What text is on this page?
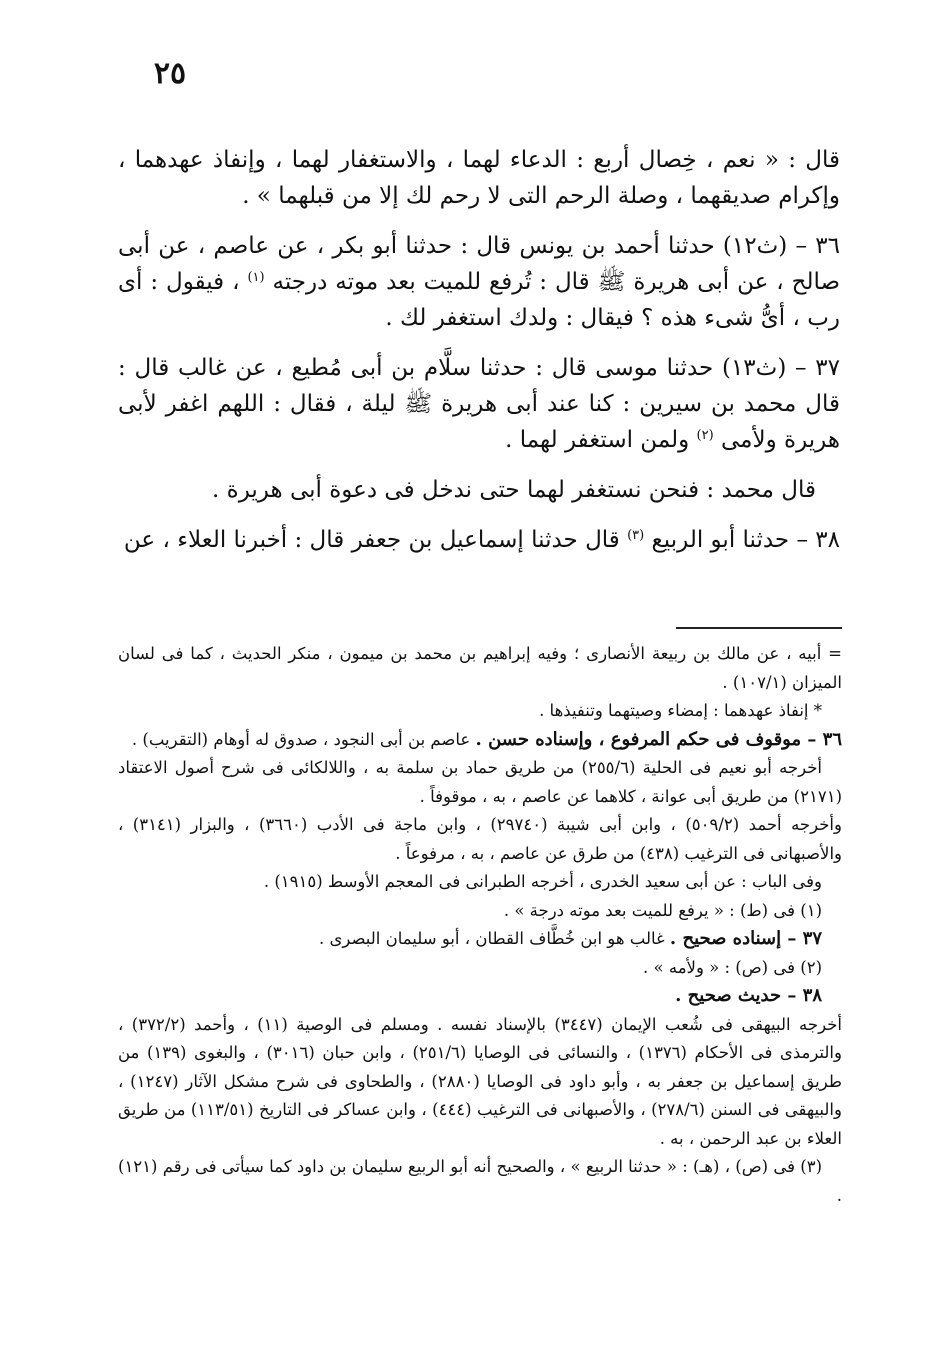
٢٥

قال : « نعم ، خِصال أربع : الدعاء لهما ، والاستغفار لهما ، وإنفاذ عهدهما ، وإكرام صديقهما ، وصلة الرحم التى لا رحم لك إلا من قبلهما » .

٣٦ – (ث١٢) حدثنا أحمد بن يونس قال : حدثنا أبو بكر ، عن عاصم ، عن أبى صالح ، عن أبى هريرة ﷺ قال : تُرفع للميت بعد موته درجته $^{(١)}$ ، فيقول : أى رب ، أىُّ شىء هذه ؟ فيقال : ولدك استغفر لك .

٣٧ – (ث١٣) حدثنا موسى قال : حدثنا سلَّام بن أبى مُطيع ، عن غالب قال : قال محمد بن سيرين : كنا عند أبى هريرة ﷺ ليلة ، فقال : اللهم اغفر لأبى هريرة ولأمى $^{(٢)}$ ولمن استغفر لهما .

قال محمد : فنحن نستغفر لهما حتى ندخل فى دعوة أبى هريرة .

٣٨ – حدثنا أبو الربيع $^{(٣)}$ قال حدثنا إسماعيل بن جعفر قال : أخبرنا العلاء ، عن

= أبيه ، عن مالك بن ربيعة الأنصارى ؛ وفيه إبراهيم بن محمد بن ميمون ، منكر الحديث ، كما فى لسان الميزان (١٠٧/١) .

* إنفاذ عهدهما : إمضاء وصيتهما وتنفيذها .

٣٦ – موقوف فى حكم المرفوع ، وإسناده حسن . عاصم بن أبى النجود ، صدوق له أوهام (التقريب) .

أخرجه أبو نعيم فى الحلية (٢٥٥/٦) من طريق حماد بن سلمة به ، واللالكائى فى شرح أصول الاعتقاد (٢١٧١) من طريق أبى عوانة ، كلاهما عن عاصم ، به ، موقوفاً .

وأخرجه أحمد (٥٠٩/٢) ، وابن أبى شيبة (٢٩٧٤٠) ، وابن ماجة فى الأدب (٣٦٦٠) ، والبزار (٣١٤١) ، والأصبهانى فى الترغيب (٤٣٨) من طرق عن عاصم ، به ، مرفوعاً .

وفى الباب : عن أبى سعيد الخدرى ، أخرجه الطبرانى فى المعجم الأوسط (١٩١٥) .

(١) فى (ط) : « يرفع للميت بعد موته درجة » .

٣٧ – إسناده صحيح . غالب هو ابن خُطَّاف القطان ، أبو سليمان البصرى .

(٢) فى (ص) : « ولأمه » .

٣٨ – حديث صحيح .

أخرجه البيهقى فى شُعب الإيمان (٣٤٤٧) بالإسناد نفسه . ومسلم فى الوصية (١١) ، وأحمد (٣٧٢/٢) ، والترمذى فى الأحكام (١٣٧٦) ، والنسائى فى الوصايا (٢٥١/٦) ، وابن حبان (٣٠١٦) ، والبغوى (١٣٩) من طريق إسماعيل بن جعفر به ، وأبو داود فى الوصايا (٢٨٨٠) ، والطحاوى فى شرح مشكل الآثار (١٢٤٧) ، والبيهقى فى السنن (٢٧٨/٦) ، والأصبهانى فى الترغيب (٤٤٤) ، وابن عساكر فى التاريخ (١١٣/٥١) من طريق العلاء بن عبد الرحمن ، به .

(٣) فى (ص) ، (هـ) : « حدثنا الربيع » ، والصحيح أنه أبو الربيع سليمان بن داود كما سيأتى فى رقم (١٢١) .
